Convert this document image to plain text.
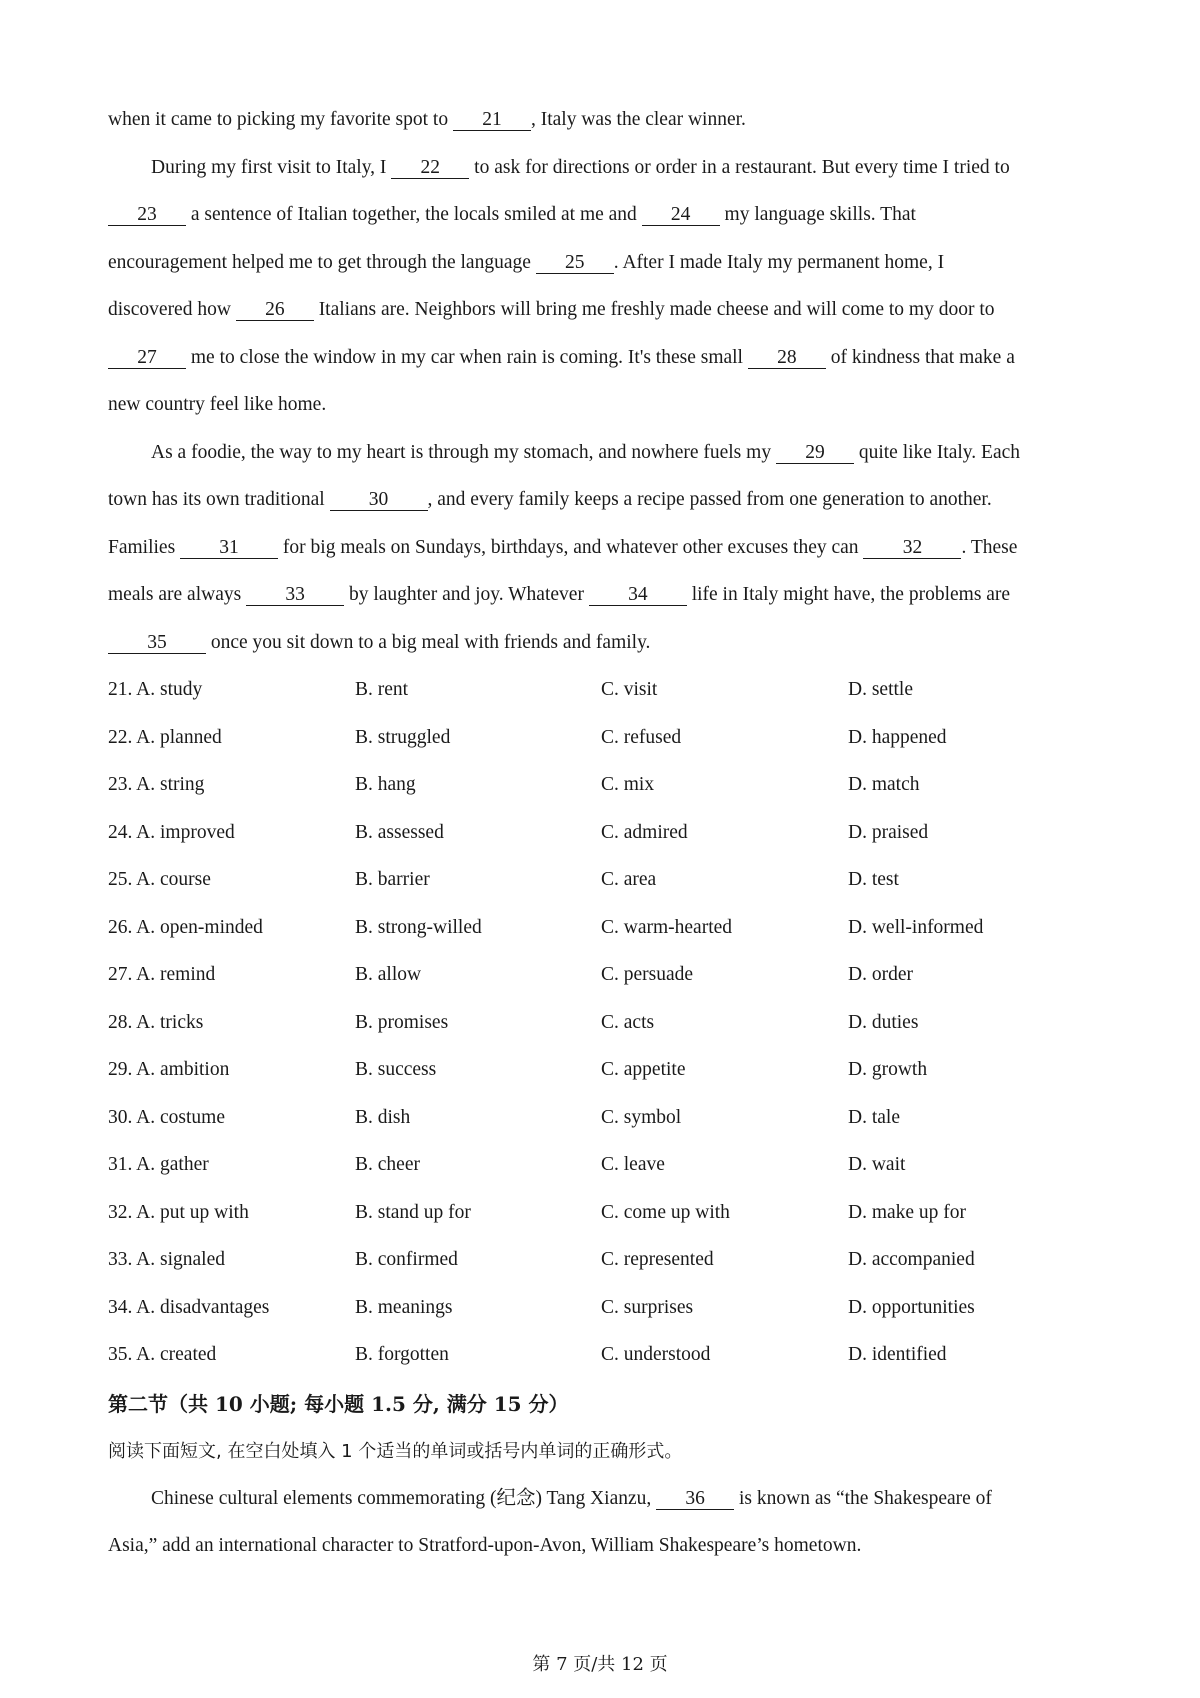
when it came to picking my favorite spot to 21 , Italy was the clear winner.
During my first visit to Italy, I 22 to ask for directions or order in a restaurant. But every time I tried to
23 a sentence of Italian together, the locals smiled at me and 24 my language skills. That
encouragement helped me to get through the language 25 . After I made Italy my permanent home, I
discovered how 26 Italians are. Neighbors will bring me freshly made cheese and will come to my door to
27 me to close the window in my car when rain is coming. It's these small 28 of kindness that make a
new country feel like home.
As a foodie, the way to my heart is through my stomach, and nowhere fuels my 29 quite like Italy. Each
town has its own traditional 30 , and every family keeps a recipe passed from one generation to another.
Families 31 for big meals on Sundays, birthdays, and whatever other excuses they can 32 . These
meals are always 33 by laughter and joy. Whatever 34 life in Italy might have, the problems are
35 once you sit down to a big meal with friends and family.
21. A. study	B. rent	C. visit	D. settle
22. A. planned	B. struggled	C. refused	D. happened
23. A. string	B. hang	C. mix	D. match
24. A. improved	B. assessed	C. admired	D. praised
25. A. course	B. barrier	C. area	D. test
26. A. open-minded	B. strong-willed	C. warm-hearted	D. well-informed
27. A. remind	B. allow	C. persuade	D. order
28. A. tricks	B. promises	C. acts	D. duties
29. A. ambition	B. success	C. appetite	D. growth
30. A. costume	B. dish	C. symbol	D. tale
31. A. gather	B. cheer	C. leave	D. wait
32. A. put up with	B. stand up for	C. come up with	D. make up for
33. A. signaled	B. confirmed	C. represented	D. accompanied
34. A. disadvantages	B. meanings	C. surprises	D. opportunities
35. A. created	B. forgotten	C. understood	D. identified
第二节（共 10 小题; 每小题 1.5 分, 满分 15 分）
阅读下面短文, 在空白处填入 1 个适当的单词或括号内单词的正确形式。
Chinese cultural elements commemorating (纪念) Tang Xianzu, 36 is known as “the Shakespeare of
Asia,” add an international character to Stratford-upon-Avon, William Shakespeare’s hometown.
第 7 页/共 12 页
